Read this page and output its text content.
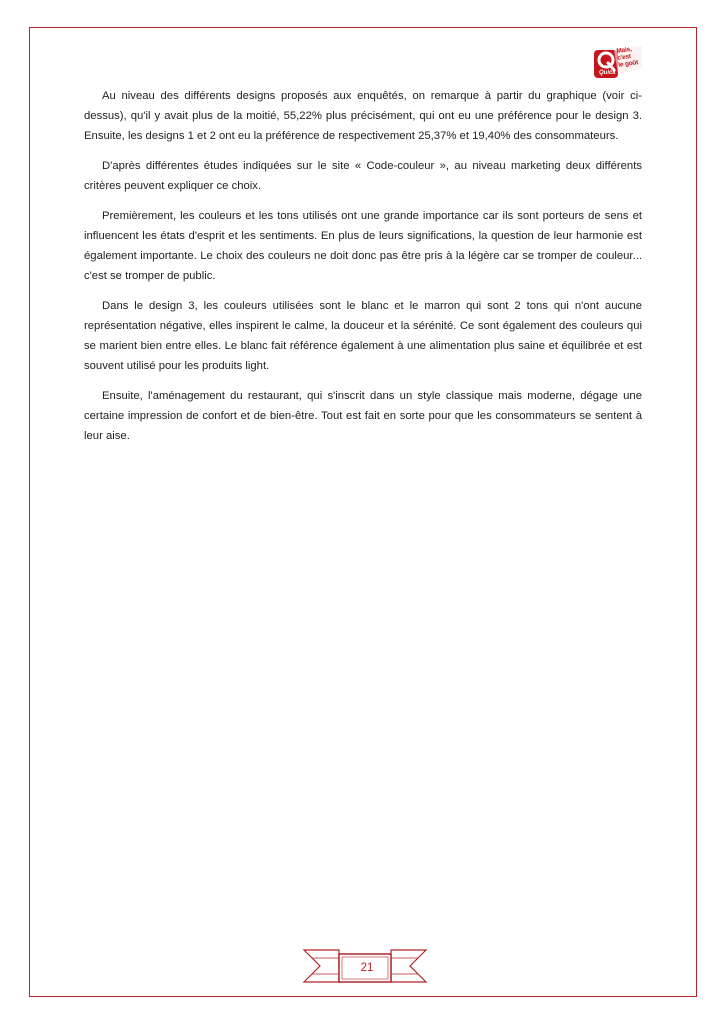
Quick
Mais,
c'est
le goût

Au niveau des différents designs proposés aux enquêtés, on remarque à partir du graphique (voir ci-dessus), qu'il y avait plus de la moitié, 55,22% plus précisément, qui ont eu une préférence pour le design 3. Ensuite, les designs 1 et 2 ont eu la préférence de respectivement 25,37% et 19,40% des consommateurs.

D'après différentes études indiquées sur le site « Code-couleur », au niveau marketing deux différents critères peuvent expliquer ce choix.

Premièrement, les couleurs et les tons utilisés ont une grande importance car ils sont porteurs de sens et influencent les états d'esprit et les sentiments. En plus de leurs significations, la question de leur harmonie est également importante. Le choix des couleurs ne doit donc pas être pris à la légère car se tromper de couleur... c'est se tromper de public.

Dans le design 3, les couleurs utilisées sont le blanc et le marron qui sont 2 tons qui n'ont aucune représentation négative, elles inspirent le calme, la douceur et la sérénité. Ce sont également des couleurs qui se marient bien entre elles. Le blanc fait référence également à une alimentation plus saine et équilibrée et est souvent utilisé pour les produits light.

Ensuite, l'aménagement du restaurant, qui s'inscrit dans un style classique mais moderne, dégage une certaine impression de confort et de bien-être. Tout est fait en sorte pour que les consommateurs se sentent à leur aise.

21
